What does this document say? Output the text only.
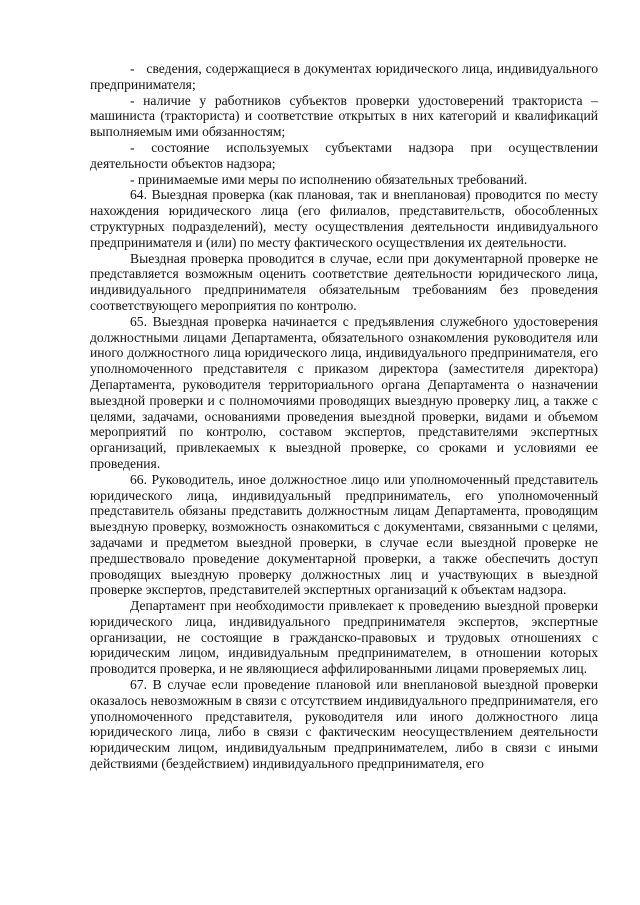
-   сведения, содержащиеся в документах юридического лица, индивидуального предпринимателя;

- наличие у работников субъектов проверки удостоверений тракториста – машиниста (тракториста) и соответствие открытых в них категорий и квалификаций выполняемым ими обязанностям;

- состояние используемых субъектами надзора при осуществлении деятельности объектов надзора;

- принимаемые ими меры по исполнению обязательных требований.

64. Выездная проверка (как плановая, так и внеплановая) проводится по месту нахождения юридического лица (его филиалов, представительств, обособленных структурных подразделений), месту осуществления деятельности индивидуального предпринимателя и (или) по месту фактического осуществления их деятельности.

Выездная проверка проводится в случае, если при документарной проверке не представляется возможным оценить соответствие деятельности юридического лица, индивидуального предпринимателя обязательным требованиям без проведения соответствующего мероприятия по контролю.

65. Выездная проверка начинается с предъявления служебного удостоверения должностными лицами Департамента, обязательного ознакомления руководителя или иного должностного лица юридического лица, индивидуального предпринимателя, его уполномоченного представителя с приказом директора (заместителя директора) Департамента, руководителя территориального органа Департамента о назначении выездной проверки и с полномочиями проводящих выездную проверку лиц, а также с целями, задачами, основаниями проведения выездной проверки, видами и объемом мероприятий по контролю, составом экспертов, представителями экспертных организаций, привлекаемых к выездной проверке, со сроками и условиями ее проведения.

66. Руководитель, иное должностное лицо или уполномоченный представитель юридического лица, индивидуальный предприниматель, его уполномоченный представитель обязаны представить должностным лицам Департамента, проводящим выездную проверку, возможность ознакомиться с документами, связанными с целями, задачами и предметом выездной проверки, в случае если выездной проверке не предшествовало проведение документарной проверки, а также обеспечить доступ проводящих выездную проверку должностных лиц и участвующих в выездной проверке экспертов, представителей экспертных организаций к объектам надзора.

Департамент при необходимости привлекает к проведению выездной проверки юридического лица, индивидуального предпринимателя экспертов, экспертные организации, не состоящие в гражданско-правовых и трудовых отношениях с юридическим лицом, индивидуальным предпринимателем, в отношении которых проводится проверка, и не являющиеся аффилированными лицами проверяемых лиц.

67. В случае если проведение плановой или внеплановой выездной проверки оказалось невозможным в связи с отсутствием индивидуального предпринимателя, его уполномоченного представителя, руководителя или иного должностного лица юридического лица, либо в связи с фактическим неосуществлением деятельности юридическим лицом, индивидуальным предпринимателем, либо в связи с иными действиями (бездействием) индивидуального предпринимателя, его
